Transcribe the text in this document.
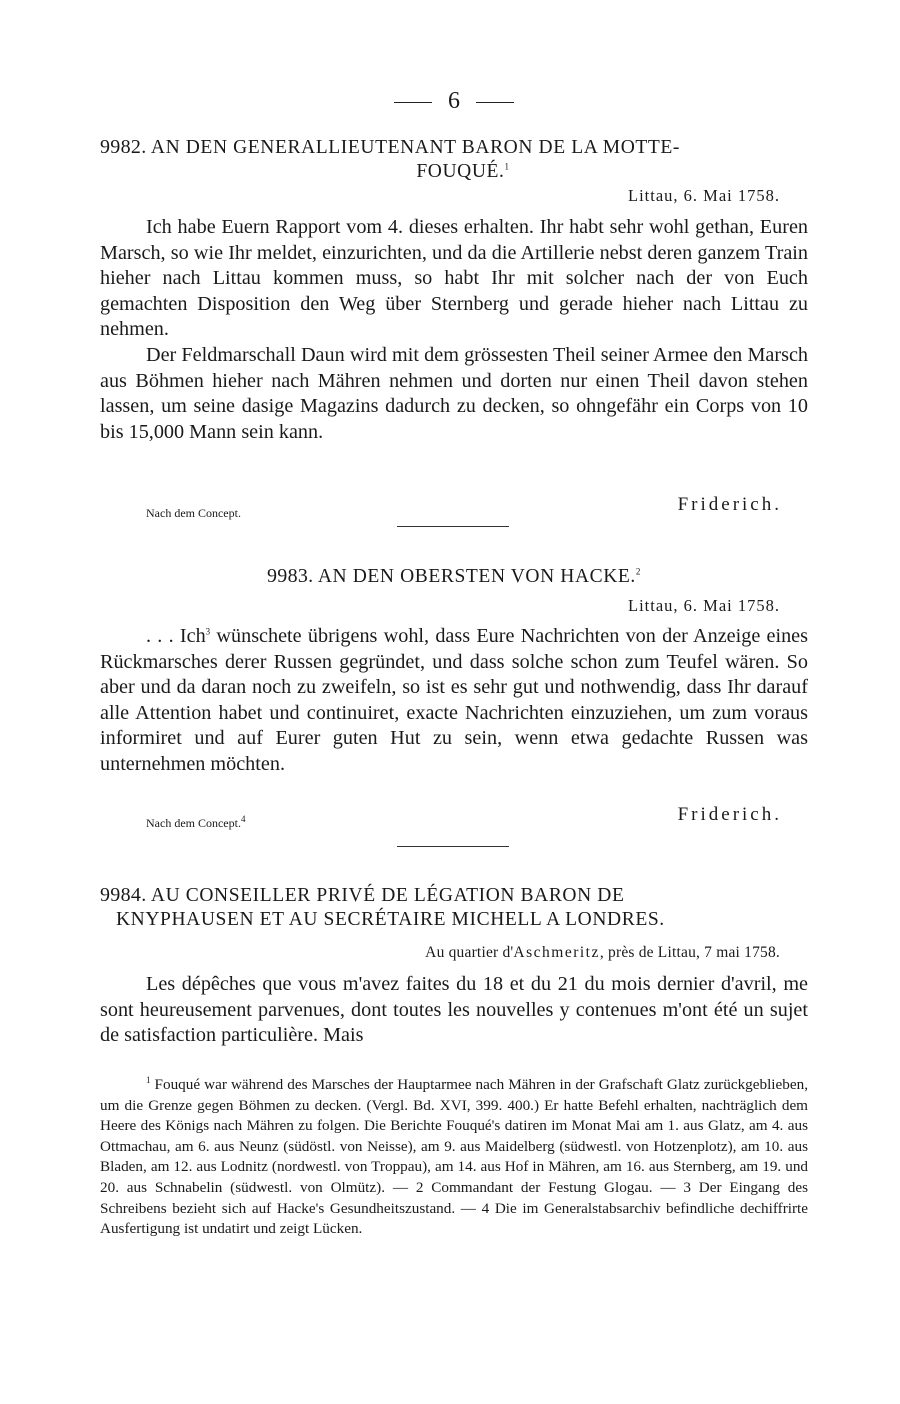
6
9982. AN DEN GENERALLIEUTENANT BARON DE LA MOTTE-
FOUQUÉ.$^1$
Littau, 6. Mai 1758.

Ich habe Euern Rapport vom 4. dieses erhalten. Ihr habt sehr wohl gethan, Euren Marsch, so wie Ihr meldet, einzurichten, und da die Artillerie nebst deren ganzem Train hieher nach Littau kommen muss, so habt Ihr mit solcher nach der von Euch gemachten Disposition den Weg über Sternberg und gerade hieher nach Littau zu nehmen.

Der Feldmarschall Daun wird mit dem grössesten Theil seiner Armee den Marsch aus Böhmen hieher nach Mähren nehmen und dorten nur einen Theil davon stehen lassen, um seine dasige Magazins dadurch zu decken, so ohngefähr ein Corps von 10 bis 15,000 Mann sein kann.

Nach dem Concept.	Friderich.
9983. AN DEN OBERSTEN VON HACKE.$^2$
Littau, 6. Mai 1758.

. . . Ich$^3$ wünschete übrigens wohl, dass Eure Nachrichten von der Anzeige eines Rückmarsches derer Russen gegründet, und dass solche schon zum Teufel wären. So aber und da daran noch zu zweifeln, so ist es sehr gut und nothwendig, dass Ihr darauf alle Attention habet und continuiret, exacte Nachrichten einzuziehen, um zum voraus informiret und auf Eurer guten Hut zu sein, wenn etwa gedachte Russen was unternehmen möchten.

Nach dem Concept.$^4$	Friderich.
9984. AU CONSEILLER PRIVÉ DE LÉGATION BARON DE
KNYPHAUSEN ET AU SECRÉTAIRE MICHELL A LONDRES.
Au quartier d'Aschmeritz, près de Littau, 7 mai 1758.

Les dépêches que vous m'avez faites du 18 et du 21 du mois dernier d'avril, me sont heureusement parvenues, dont toutes les nouvelles y contenues m'ont été un sujet de satisfaction particulière. Mais

$^1$ Fouqué war während des Marsches der Hauptarmee nach Mähren in der Grafschaft Glatz zurückgeblieben, um die Grenze gegen Böhmen zu decken. (Vergl. Bd. XVI, 399. 400.) Er hatte Befehl erhalten, nachträglich dem Heere des Königs nach Mähren zu folgen. Die Berichte Fouqué's datiren im Monat Mai am 1. aus Glatz, am 4. aus Ottmachau, am 6. aus Neunz (südöstl. von Neisse), am 9. aus Maidelberg (südwestl. von Hotzenplotz), am 10. aus Bladen, am 12. aus Lodnitz (nordwestl. von Troppau), am 14. aus Hof in Mähren, am 16. aus Sternberg, am 19. und 20. aus Schnabelin (südwestl. von Olmütz). — 2 Commandant der Festung Glogau. — 3 Der Eingang des Schreibens bezieht sich auf Hacke's Gesundheitszustand. — 4 Die im Generalstabsarchiv befindliche dechiffrirte Ausfertigung ist undatirt und zeigt Lücken.
